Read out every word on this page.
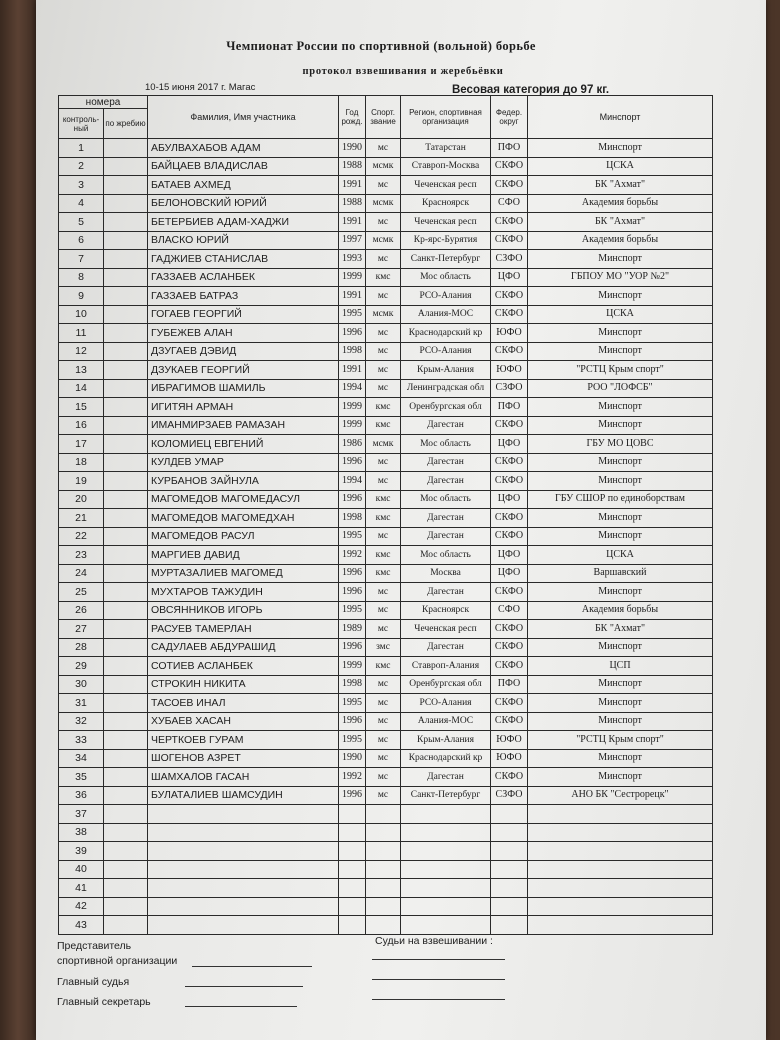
Чемпионат России по спортивной (вольной) борьбе
протокол взвешивания и жеребьёвки
10-15 июня 2017 г. Магас	Весовая категория до 97 кг.
номера		Фамилия, Имя участника	Год рожд.	Спорт. звание	Регион, спортивная организация	Федер. округ	Минспорт
контроль-ный	по жребию						
1		АБУЛВАХАБОВ АДАМ	1990	мс	Татарстан	ПФО	Минспорт
2		БАЙЦАЕВ ВЛАДИСЛАВ	1988	мсмк	Ставроп-Москва	СКФО	ЦСКА
3		БАТАЕВ АХМЕД	1991	мс	Чеченская респ	СКФО	БК "Ахмат"
4		БЕЛОНОВСКИЙ ЮРИЙ	1988	мсмк	Красноярск	СФО	Академия борьбы
5		БЕТЕРБИЕВ АДАМ-ХАДЖИ	1991	мс	Чеченская респ	СКФО	БК "Ахмат"
6		ВЛАСКО ЮРИЙ	1997	мсмк	Кр-ярс-Бурятия	СКФО	Академия борьбы
7		ГАДЖИЕВ СТАНИСЛАВ	1993	мс	Санкт-Петербург	СЗФО	Минспорт
8		ГАЗЗАЕВ АСЛАНБЕК	1999	кмс	Мос область	ЦФО	ГБПОУ МО "УОР №2"
9		ГАЗЗАЕВ БАТРАЗ	1991	мс	РСО-Алания	СКФО	Минспорт
10		ГОГАЕВ ГЕОРГИЙ	1995	мсмк	Алания-МОС	СКФО	ЦСКА
11		ГУБЕЖЕВ АЛАН	1996	мс	Краснодарский кр	ЮФО	Минспорт
12		ДЗУГАЕВ ДЭВИД	1998	мс	РСО-Алания	СКФО	Минспорт
13		ДЗУКАЕВ ГЕОРГИЙ	1991	мс	Крым-Алания	ЮФО	"РСТЦ Крым спорт"
14		ИБРАГИМОВ ШАМИЛЬ	1994	мс	Ленинградская обл	СЗФО	РОО "ЛОФСБ"
15		ИГИТЯН АРМАН	1999	кмс	Оренбургская обл	ПФО	Минспорт
16		ИМАНМИРЗАЕВ РАМАЗАН	1999	кмс	Дагестан	СКФО	Минспорт
17		КОЛОМИЕЦ ЕВГЕНИЙ	1986	мсмк	Мос область	ЦФО	ГБУ МО ЦОВС
18		КУЛДЕВ УМАР	1996	мс	Дагестан	СКФО	Минспорт
19		КУРБАНОВ ЗАЙНУЛА	1994	мс	Дагестан	СКФО	Минспорт
20		МАГОМЕДОВ МАГОМЕДАСУЛ	1996	кмс	Мос область	ЦФО	ГБУ СШОР по единоборствам
21		МАГОМЕДОВ МАГОМЕДХАН	1998	кмс	Дагестан	СКФО	Минспорт
22		МАГОМЕДОВ РАСУЛ	1995	мс	Дагестан	СКФО	Минспорт
23		МАРГИЕВ ДАВИД	1992	кмс	Мос область	ЦФО	ЦСКА
24		МУРТАЗАЛИЕВ МАГОМЕД	1996	кмс	Москва	ЦФО	Варшавский
25		МУХТАРОВ ТАЖУДИН	1996	мс	Дагестан	СКФО	Минспорт
26		ОВСЯННИКОВ ИГОРЬ	1995	мс	Красноярск	СФО	Академия борьбы
27		РАСУЕВ ТАМЕРЛАН	1989	мс	Чеченская респ	СКФО	БК "Ахмат"
28		САДУЛАЕВ АБДУРАШИД	1996	змс	Дагестан	СКФО	Минспорт
29		СОТИЕВ АСЛАНБЕК	1999	кмс	Ставроп-Алания	СКФО	ЦСП
30		СТРОКИН НИКИТА	1998	мс	Оренбургская обл	ПФО	Минспорт
31		ТАСОЕВ ИНАЛ	1995	мс	РСО-Алания	СКФО	Минспорт
32		ХУБАЕВ ХАСАН	1996	мс	Алания-МОС	СКФО	Минспорт
33		ЧЕРТКОЕВ ГУРАМ	1995	мс	Крым-Алания	ЮФО	"РСТЦ Крым спорт"
34		ШОГЕНОВ АЗРЕТ	1990	мс	Краснодарский кр	ЮФО	Минспорт
35		ШАМХАЛОВ ГАСАН	1992	мс	Дагестан	СКФО	Минспорт
36		БУЛАТАЛИЕВ ШАМСУДИН	1996	мс	Санкт-Петербург	СЗФО	АНО БК "Сестрорецк"
37							
38							
39							
40							
41							
42							
43							
Представитель
спортивной организации
Главный судья
Главный секретарь
Судьи на взвешивании :
